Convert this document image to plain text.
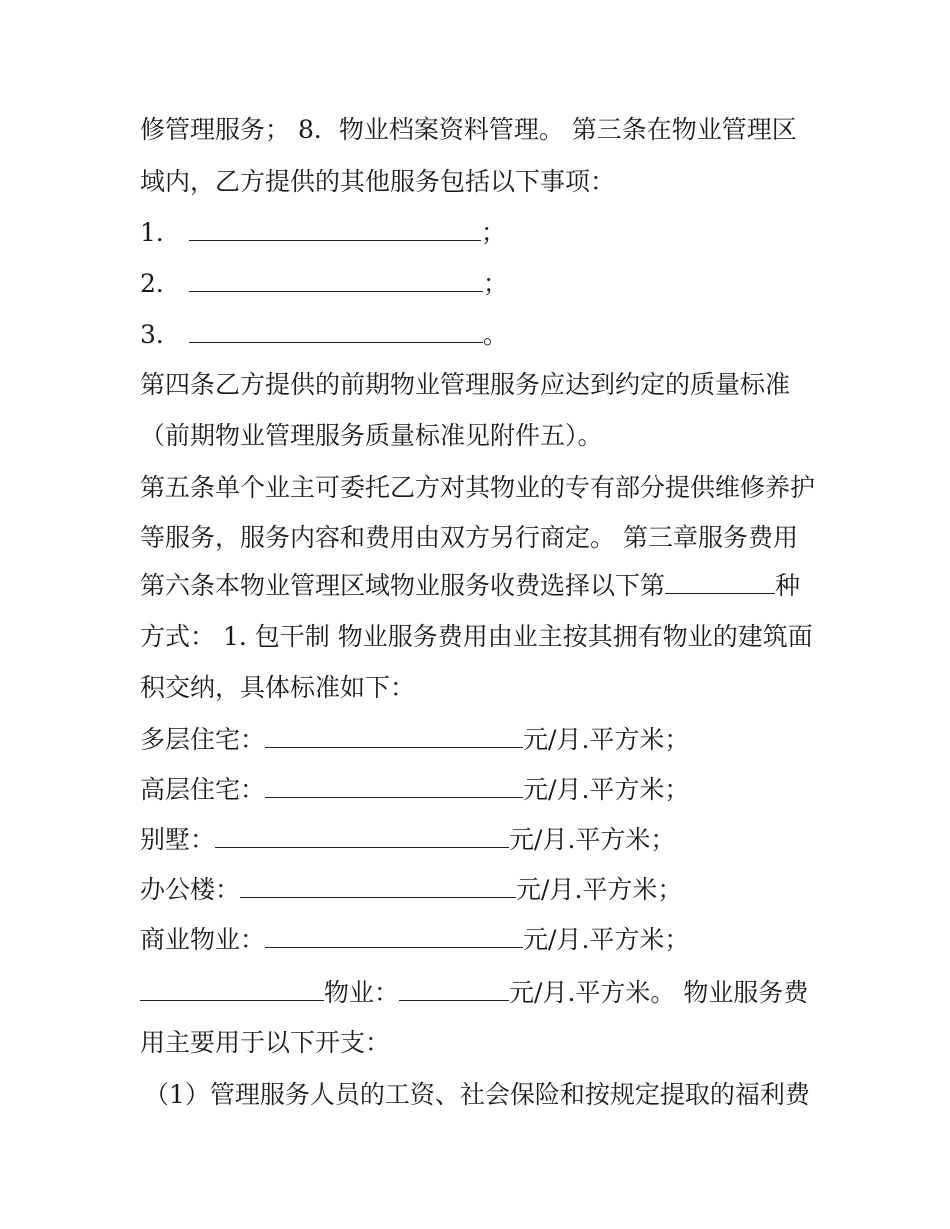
修管理服务； 8．物业档案资料管理。 第三条在物业管理区
域内，乙方提供的其他服务包括以下事项：
1．	；
2．	；
3．	。
第四条乙方提供的前期物业管理服务应达到约定的质量标准
（前期物业管理服务质量标准见附件五）。
第五条单个业主可委托乙方对其物业的专有部分提供维修养护
等服务，服务内容和费用由双方另行商定。 第三章服务费用
第六条本物业管理区域物业服务收费选择以下第	种
方式： 1. 包干制 物业服务费用由业主按其拥有物业的建筑面
积交纳，具体标准如下：
多层住宅：	元/月.平方米；
高层住宅：	元/月.平方米；
别墅：	元/月.平方米；
办公楼：	元/月.平方米；
商业物业：	元/月.平方米；
物业：	元/月.平方米。 物业服务费
用主要用于以下开支：
（1）管理服务人员的工资、社会保险和按规定提取的福利费
